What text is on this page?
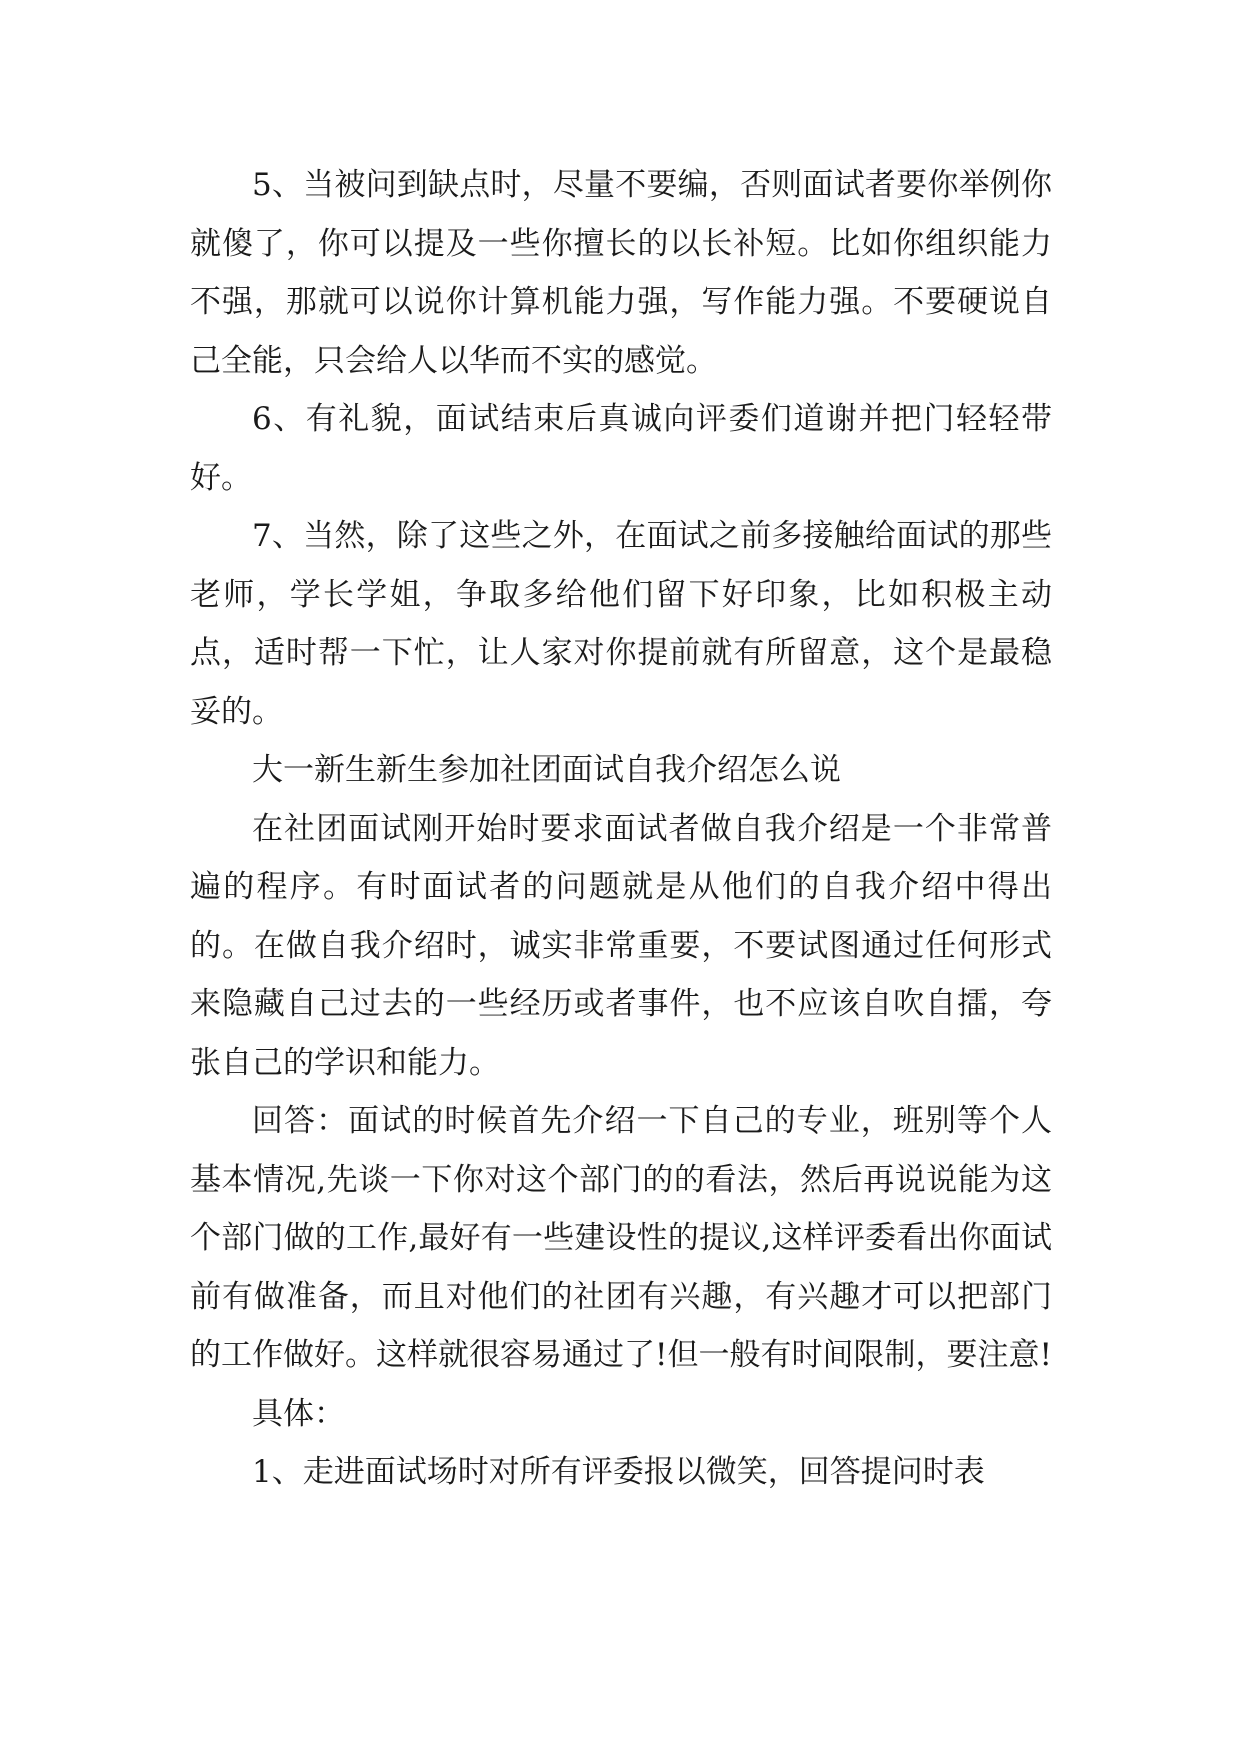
5、当被问到缺点时，尽量不要编，否则面试者要你举例你就傻了，你可以提及一些你擅长的以长补短。比如你组织能力不强，那就可以说你计算机能力强，写作能力强。不要硬说自己全能，只会给人以华而不实的感觉。

6、有礼貌，面试结束后真诚向评委们道谢并把门轻轻带好。

7、当然，除了这些之外，在面试之前多接触给面试的那些老师，学长学姐，争取多给他们留下好印象，比如积极主动点，适时帮一下忙，让人家对你提前就有所留意，这个是最稳妥的。

大一新生新生参加社团面试自我介绍怎么说

在社团面试刚开始时要求面试者做自我介绍是一个非常普遍的程序。有时面试者的问题就是从他们的自我介绍中得出的。在做自我介绍时，诚实非常重要，不要试图通过任何形式来隐藏自己过去的一些经历或者事件，也不应该自吹自擂，夸张自己的学识和能力。

回答：面试的时候首先介绍一下自己的专业，班别等个人基本情况,先谈一下你对这个部门的的看法，然后再说说能为这个部门做的工作,最好有一些建设性的提议,这样评委看出你面试前有做准备，而且对他们的社团有兴趣，有兴趣才可以把部门的工作做好。这样就很容易通过了!但一般有时间限制，要注意!

具体：

1、走进面试场时对所有评委报以微笑，回答提问时表
